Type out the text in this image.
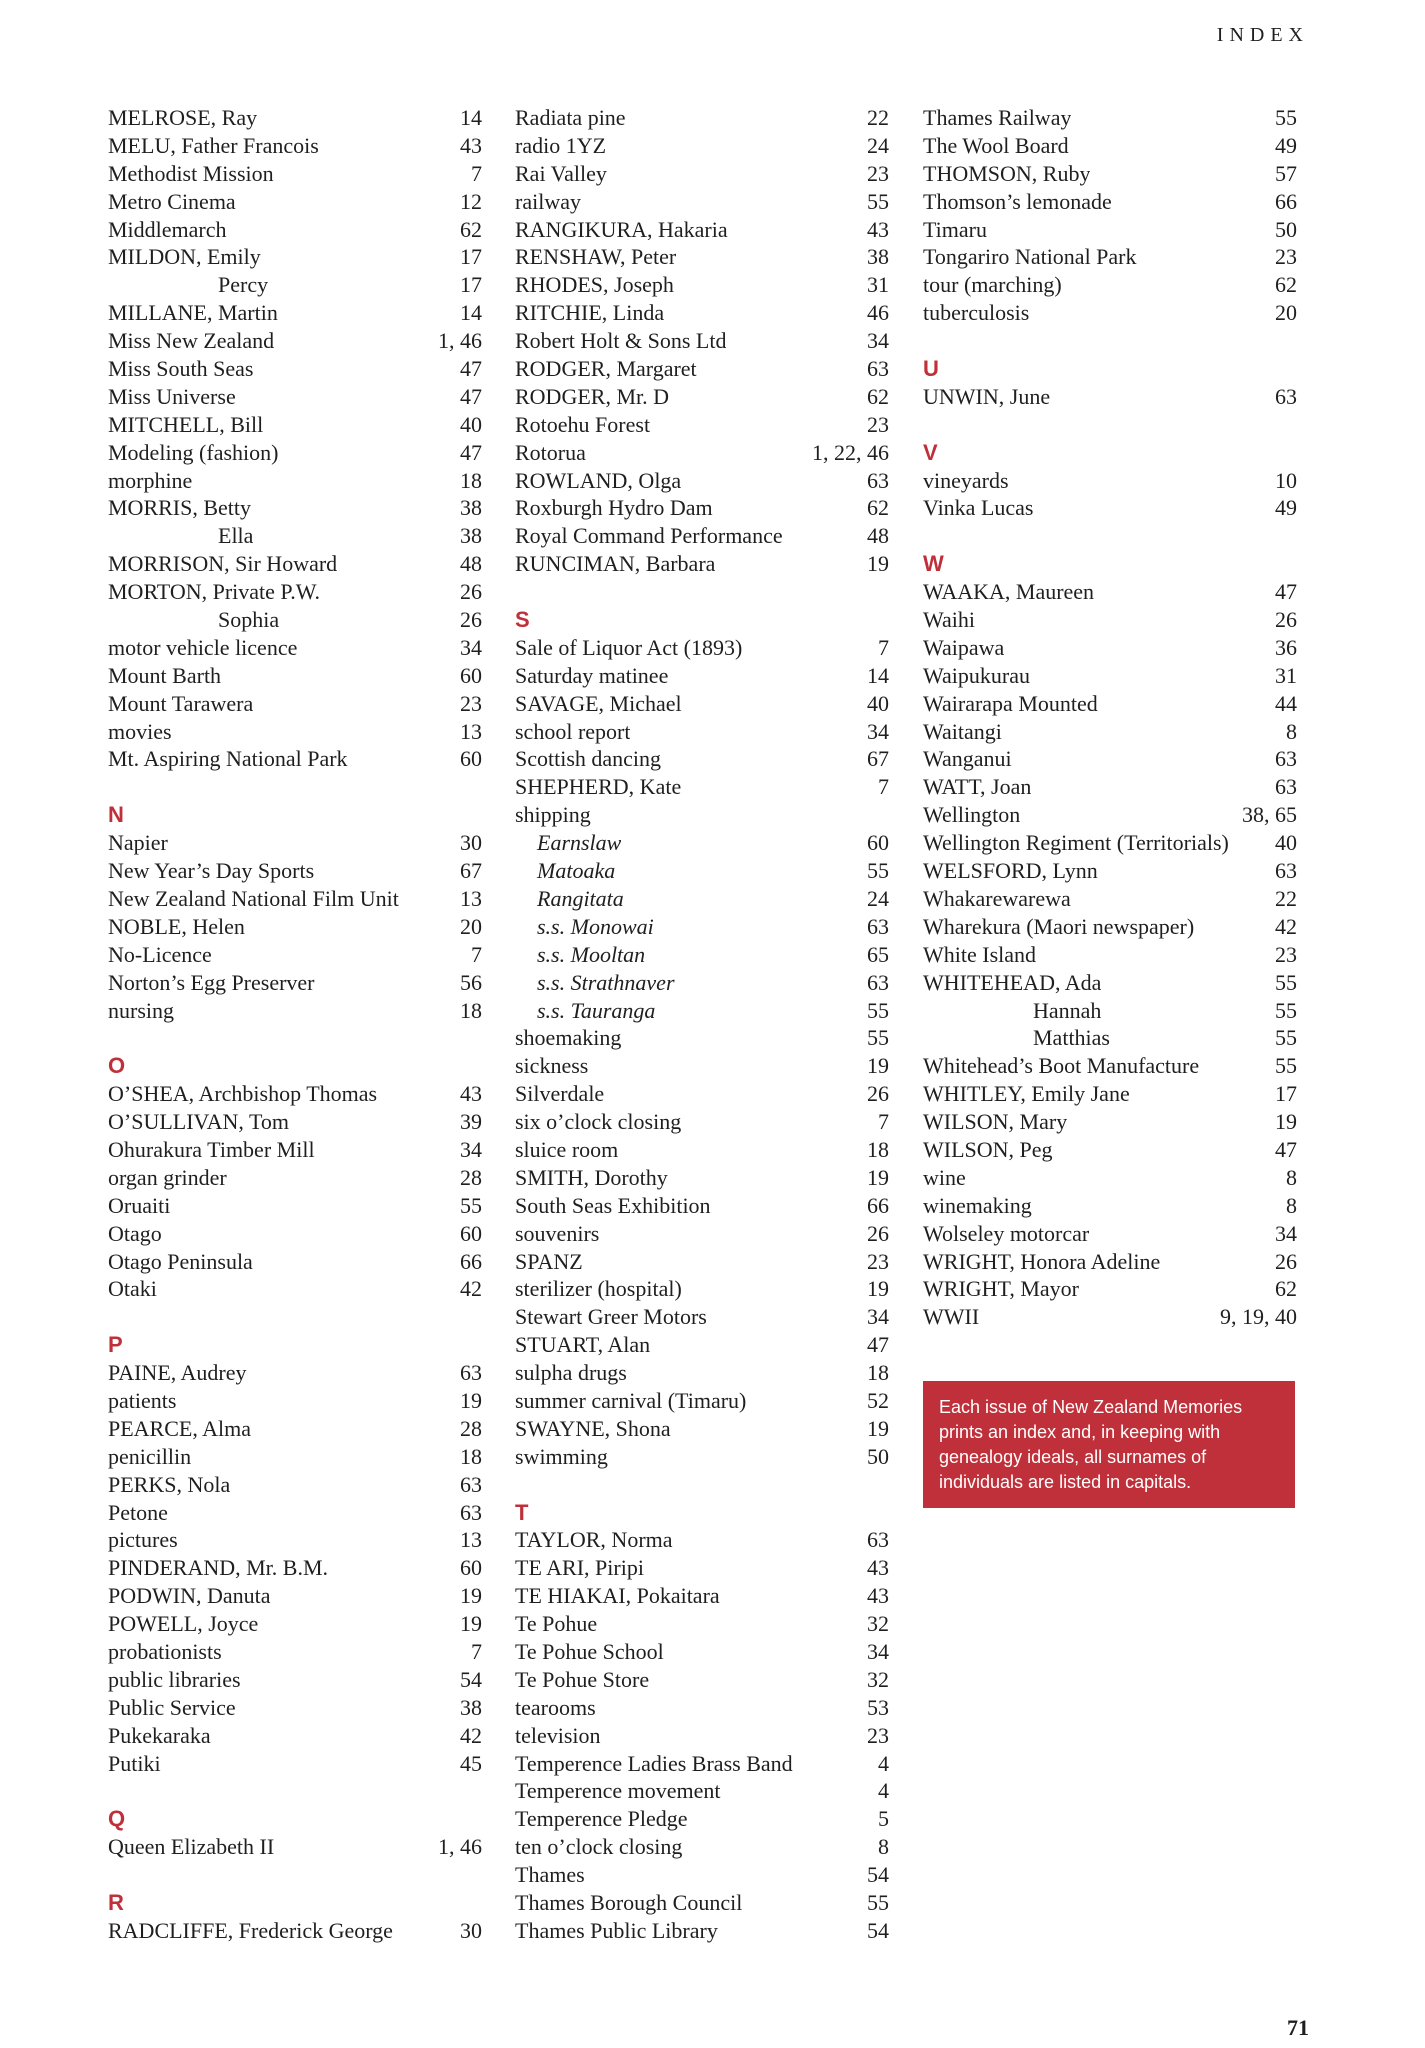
INDEX
MELROSE, Ray	14
MELU, Father Francois	43
Methodist Mission	7
Metro Cinema	12
Middlemarch	62
MILDON, Emily	17
Percy	17
MILLANE, Martin	14
Miss New Zealand	1, 46
Miss South Seas	47
Miss Universe	47
MITCHELL, Bill	40
Modeling (fashion)	47
morphine	18
MORRIS, Betty	38
Ella	38
MORRISON, Sir Howard	48
MORTON, Private P.W.	26
Sophia	26
motor vehicle licence	34
Mount Barth	60
Mount Tarawera	23
movies	13
Mt. Aspiring National Park	60
N
Napier	30
New Year’s Day Sports	67
New Zealand National Film Unit	13
NOBLE, Helen	20
No-Licence	7
Norton’s Egg Preserver	56
nursing	18
O
O’SHEA, Archbishop Thomas	43
O’SULLIVAN, Tom	39
Ohurakura Timber Mill	34
organ grinder	28
Oruaiti	55
Otago	60
Otago Peninsula	66
Otaki	42
P
PAINE, Audrey	63
patients	19
PEARCE, Alma	28
penicillin	18
PERKS, Nola	63
Petone	63
pictures	13
PINDERAND, Mr. B.M.	60
PODWIN, Danuta	19
POWELL, Joyce	19
probationists	7
public libraries	54
Public Service	38
Pukekaraka	42
Putiki	45
Q
Queen Elizabeth II	1, 46
R
RADCLIFFE, Frederick George	30
Radiata pine	22
radio 1YZ	24
Rai Valley	23
railway	55
RANGIKURA, Hakaria	43
RENSHAW, Peter	38
RHODES, Joseph	31
RITCHIE, Linda	46
Robert Holt & Sons Ltd	34
RODGER, Margaret	63
RODGER, Mr. D	62
Rotoehu Forest	23
Rotorua	1, 22, 46
ROWLAND, Olga	63
Roxburgh Hydro Dam	62
Royal Command Performance	48
RUNCIMAN, Barbara	19
S
Sale of Liquor Act (1893)	7
Saturday matinee	14
SAVAGE, Michael	40
school report	34
Scottish dancing	67
SHEPHERD, Kate	7
shipping
Earnslaw	60
Matoaka	55
Rangitata	24
s.s. Monowai	63
s.s. Mooltan	65
s.s. Strathnaver	63
s.s. Tauranga	55
shoemaking	55
sickness	19
Silverdale	26
six o’clock closing	7
sluice room	18
SMITH, Dorothy	19
South Seas Exhibition	66
souvenirs	26
SPANZ	23
sterilizer (hospital)	19
Stewart Greer Motors	34
STUART, Alan	47
sulpha drugs	18
summer carnival (Timaru)	52
SWAYNE, Shona	19
swimming	50
T
TAYLOR, Norma	63
TE ARI, Piripi	43
TE HIAKAI, Pokaitara	43
Te Pohue	32
Te Pohue School	34
Te Pohue Store	32
tearooms	53
television	23
Temperence Ladies Brass Band	4
Temperence movement	4
Temperence Pledge	5
ten o’clock closing	8
Thames	54
Thames Borough Council	55
Thames Public Library	54
Thames Railway	55
The Wool Board	49
THOMSON, Ruby	57
Thomson’s lemonade	66
Timaru	50
Tongariro National Park	23
tour (marching)	62
tuberculosis	20
U
UNWIN, June	63
V
vineyards	10
Vinka Lucas	49
W
WAAKA, Maureen	47
Waihi	26
Waipawa	36
Waipukurau	31
Wairarapa Mounted	44
Waitangi	8
Wanganui	63
WATT, Joan	63
Wellington	38, 65
Wellington Regiment (Territorials) 40
WELSFORD, Lynn	63
Whakarewarewa	22
Wharekura (Maori newspaper)	42
White Island	23
WHITEHEAD, Ada	55
Hannah	55
Matthias	55
Whitehead’s Boot Manufacture	55
WHITLEY, Emily Jane	17
WILSON, Mary	19
WILSON, Peg	47
wine	8
winemaking	8
Wolseley motorcar	34
WRIGHT, Honora Adeline	26
WRIGHT, Mayor	62
WWII	9, 19, 40
Each issue of New Zealand Memories prints an index and, in keeping with genealogy ideals, all surnames of individuals are listed in capitals.
71
